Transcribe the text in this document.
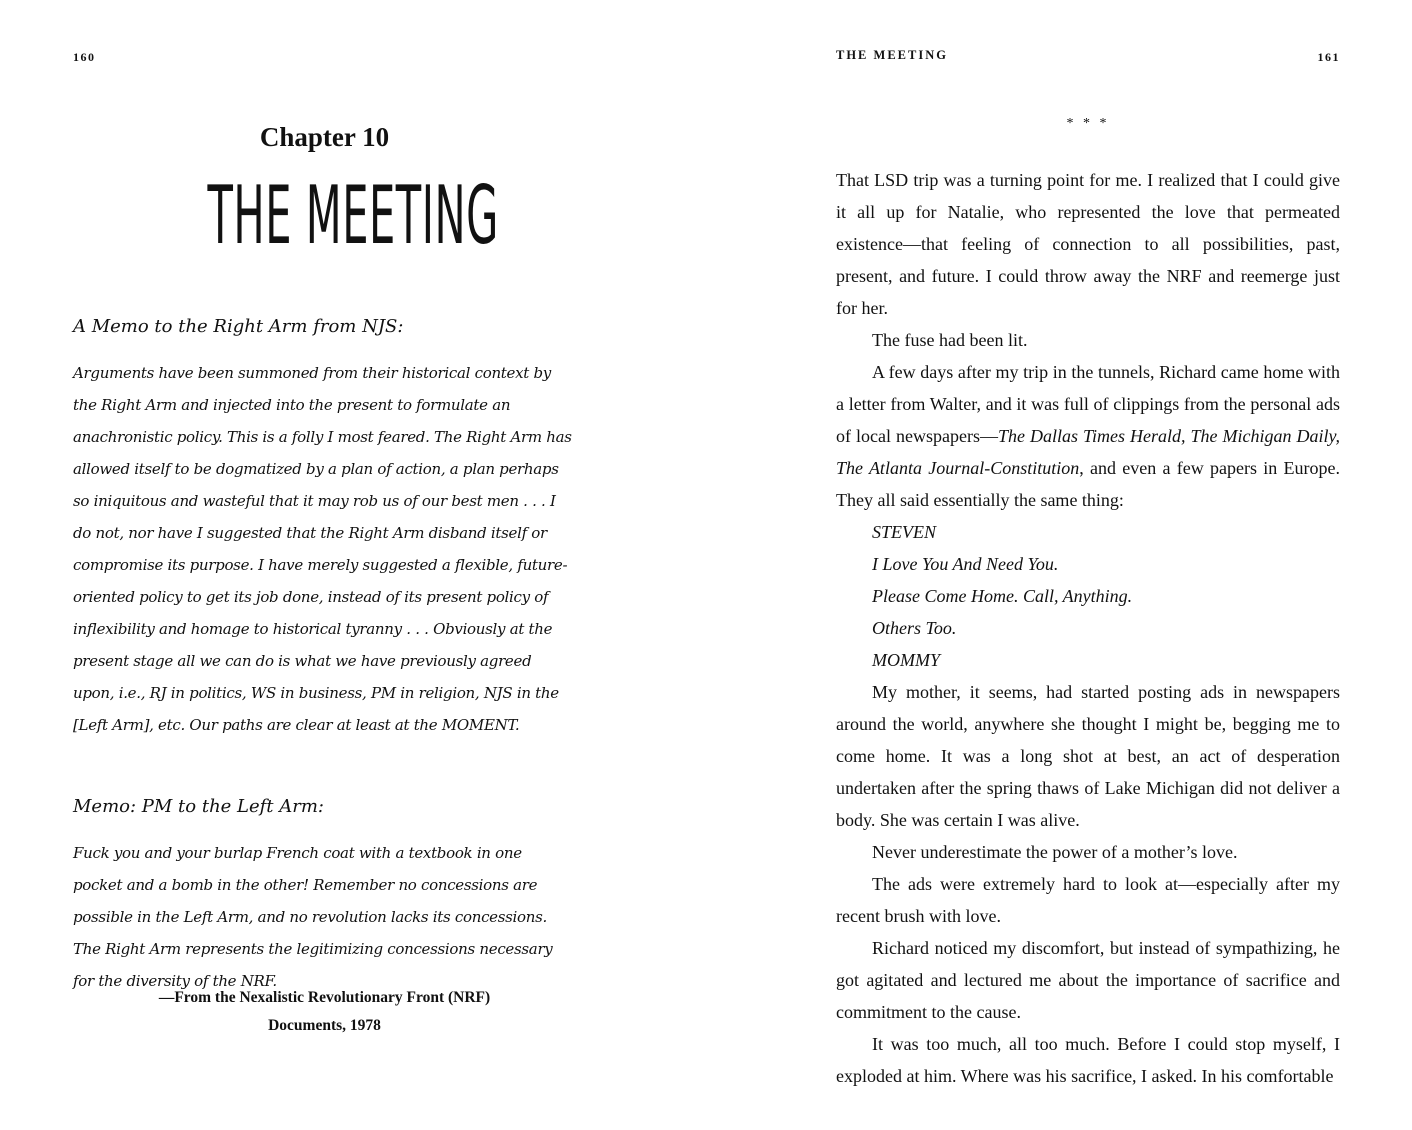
160
Chapter 10
THE MEETING
A Memo to the Right Arm from NJS:
Arguments have been summoned from their historical context by the Right Arm and injected into the present to formulate an anachronistic policy. This is a folly I most feared. The Right Arm has allowed itself to be dogmatized by a plan of action, a plan perhaps so iniquitous and wasteful that it may rob us of our best men . . . I do not, nor have I suggested that the Right Arm disband itself or compromise its purpose. I have merely suggested a flexible, future-oriented policy to get its job done, instead of its present policy of inflexibility and homage to historical tyranny . . . Obviously at the present stage all we can do is what we have previously agreed upon, i.e., RJ in politics, WS in business, PM in religion, NJS in the [Left Arm], etc. Our paths are clear at least at the MOMENT.
Memo: PM to the Left Arm:
Fuck you and your burlap French coat with a textbook in one pocket and a bomb in the other! Remember no concessions are possible in the Left Arm, and no revolution lacks its concessions. The Right Arm represents the legitimizing concessions necessary for the diversity of the NRF.
—From the Nexalistic Revolutionary Front (NRF)
Documents, 1978
THE MEETING	161
* * *

That LSD trip was a turning point for me. I realized that I could give it all up for Natalie, who represented the love that permeated existence—that feeling of connection to all possibilities, past, present, and future. I could throw away the NRF and reemerge just for her.

The fuse had been lit.

A few days after my trip in the tunnels, Richard came home with a letter from Walter, and it was full of clippings from the personal ads of local newspapers—The Dallas Times Herald, The Michigan Daily, The Atlanta Journal-Constitution, and even a few papers in Europe. They all said essentially the same thing:

STEVEN

I Love You And Need You.

Please Come Home. Call, Anything.

Others Too.

MOMMY

My mother, it seems, had started posting ads in newspapers around the world, anywhere she thought I might be, begging me to come home. It was a long shot at best, an act of desperation undertaken after the spring thaws of Lake Michigan did not deliver a body. She was certain I was alive.

Never underestimate the power of a mother’s love.

The ads were extremely hard to look at—especially after my recent brush with love.

Richard noticed my discomfort, but instead of sympathizing, he got agitated and lectured me about the importance of sacrifice and commitment to the cause.

It was too much, all too much. Before I could stop myself, I exploded at him. Where was his sacrifice, I asked. In his comfortable
